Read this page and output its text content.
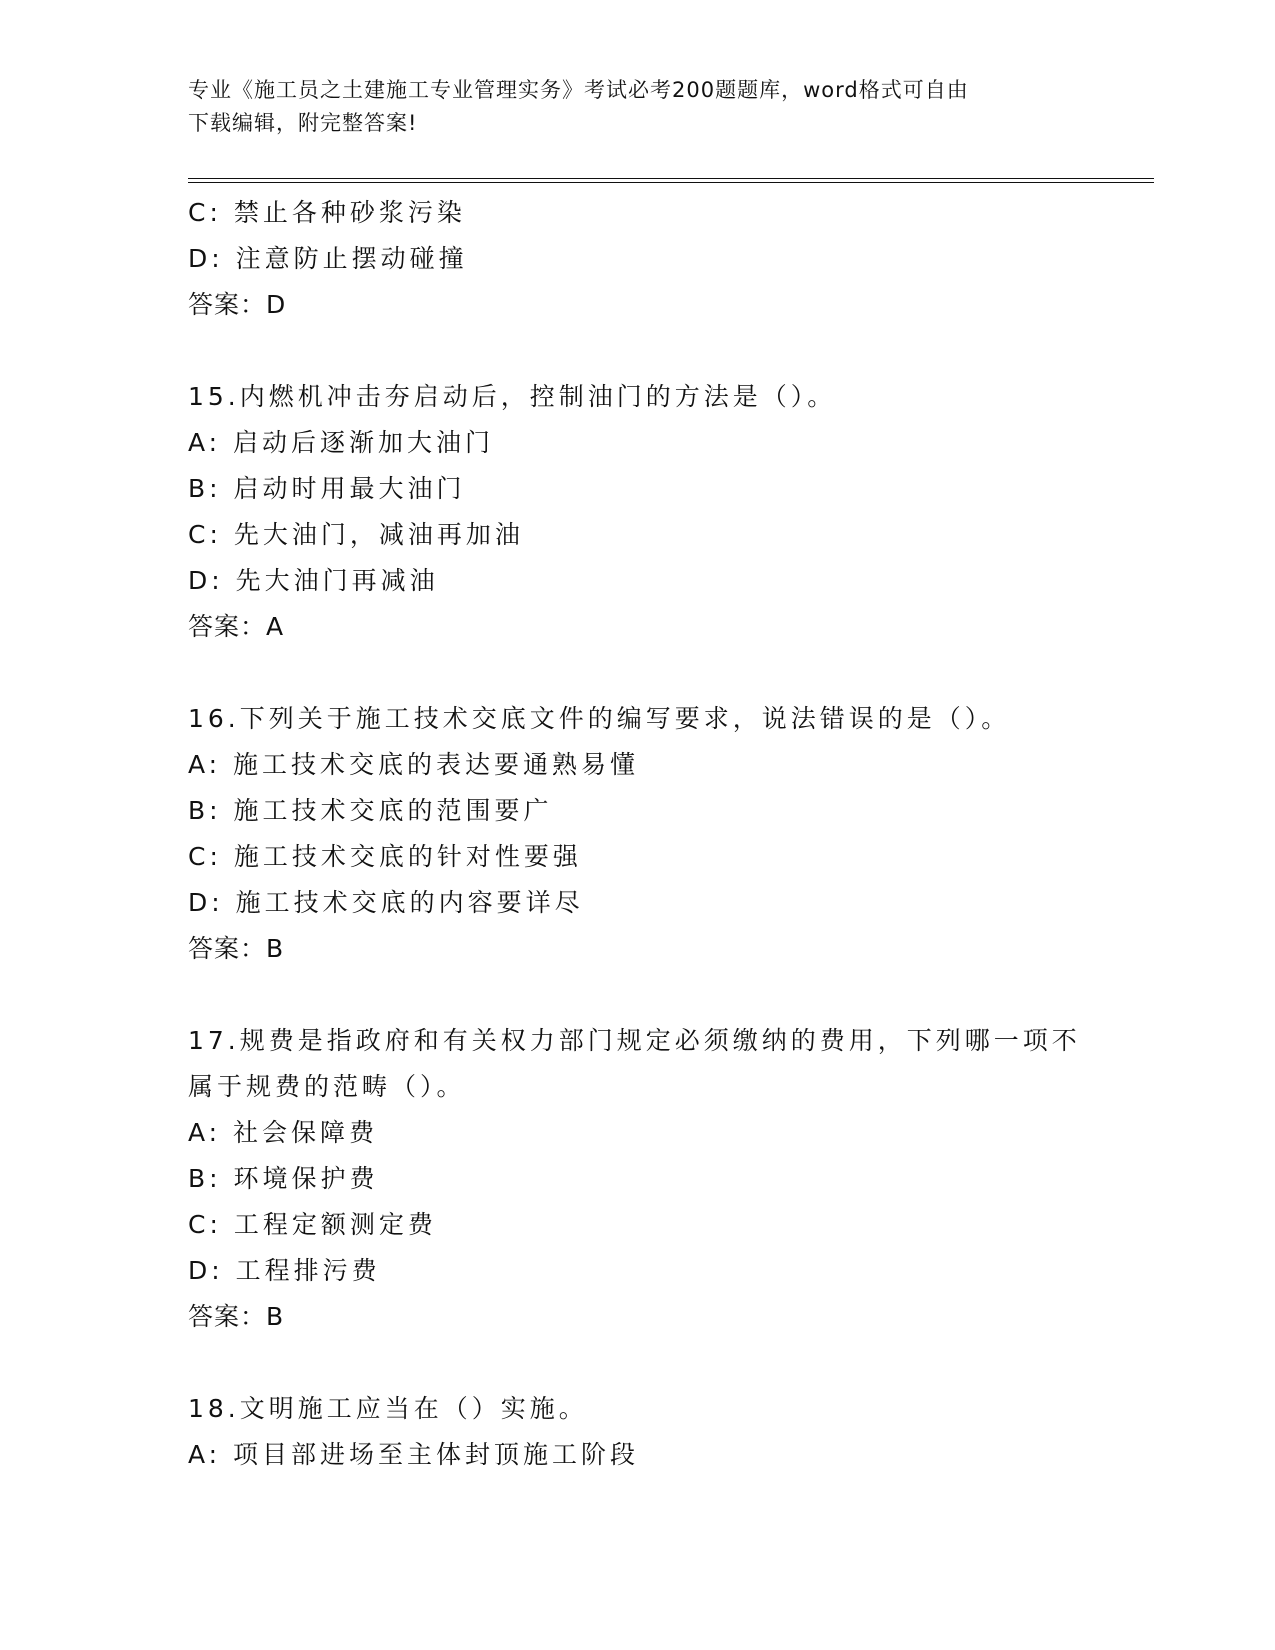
专业《施工员之土建施工专业管理实务》考试必考200题题库，word格式可自由
下载编辑，附完整答案!
C: 禁止各种砂浆污染
D: 注意防止摆动碰撞
答案：D
15.内燃机冲击夯启动后，控制油门的方法是（）。
A: 启动后逐渐加大油门
B: 启动时用最大油门
C: 先大油门，减油再加油
D: 先大油门再减油
答案：A
16.下列关于施工技术交底文件的编写要求，说法错误的是（）。
A: 施工技术交底的表达要通熟易懂
B: 施工技术交底的范围要广
C: 施工技术交底的针对性要强
D: 施工技术交底的内容要详尽
答案：B
17.规费是指政府和有关权力部门规定必须缴纳的费用，下列哪一项不
属于规费的范畴（）。
A: 社会保障费
B: 环境保护费
C: 工程定额测定费
D: 工程排污费
答案：B
18.文明施工应当在（）实施。
A: 项目部进场至主体封顶施工阶段
